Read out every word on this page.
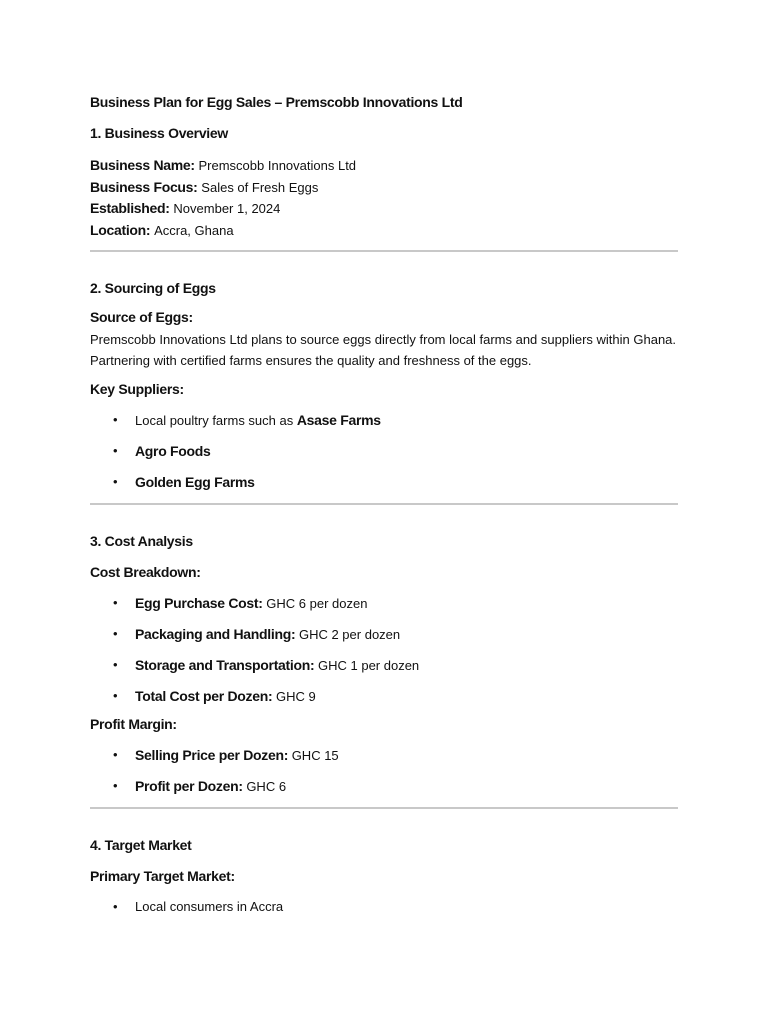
Business Plan for Egg Sales – Premscobb Innovations Ltd
1. Business Overview
Business Name: Premscobb Innovations Ltd
Business Focus: Sales of Fresh Eggs
Established: November 1, 2024
Location: Accra, Ghana
2. Sourcing of Eggs
Source of Eggs:

Premscobb Innovations Ltd plans to source eggs directly from local farms and suppliers within Ghana. Partnering with certified farms ensures the quality and freshness of the eggs.

Key Suppliers:
• Local poultry farms such as Asase Farms
• Agro Foods
• Golden Egg Farms
3. Cost Analysis
Cost Breakdown:
• Egg Purchase Cost: GHC 6 per dozen
• Packaging and Handling: GHC 2 per dozen
• Storage and Transportation: GHC 1 per dozen
• Total Cost per Dozen: GHC 9
Profit Margin:
• Selling Price per Dozen: GHC 15
• Profit per Dozen: GHC 6
4. Target Market
Primary Target Market:
• Local consumers in Accra
